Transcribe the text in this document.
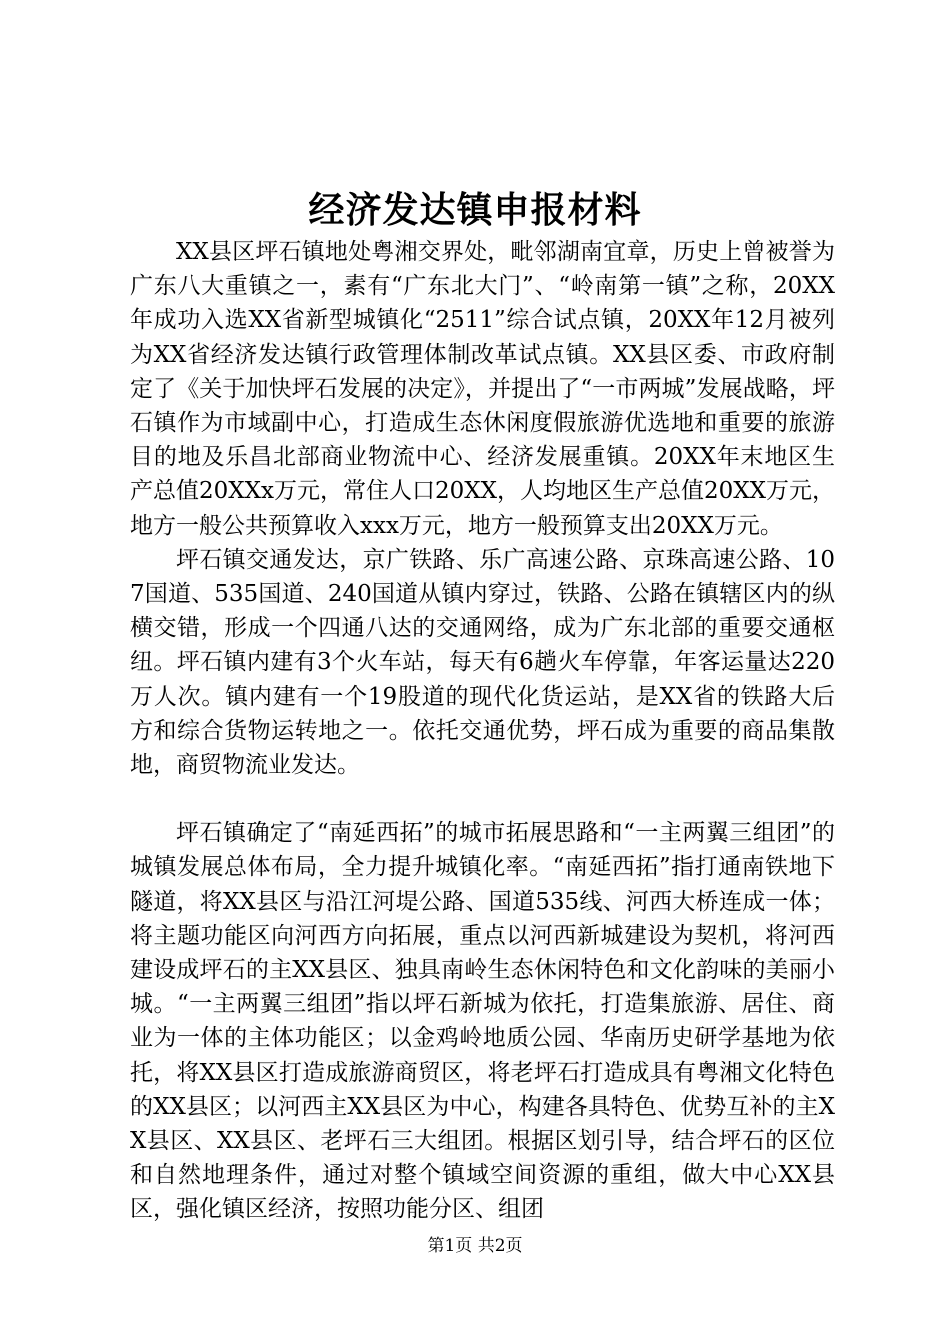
经济发达镇申报材料

XX县区坪石镇地处粤湘交界处，毗邻湖南宜章，历史上曾被誉为广东八大重镇之一，素有“广东北大门”、“岭南第一镇”之称，20XX年成功入选XX省新型城镇化“2511”综合试点镇，20XX年12月被列为XX省经济发达镇行政管理体制改革试点镇。XX县区委、市政府制定了《关于加快坪石发展的决定》，并提出了“一市两城”发展战略，坪石镇作为市域副中心，打造成生态休闲度假旅游优选地和重要的旅游目的地及乐昌北部商业物流中心、经济发展重镇。20XX年末地区生产总值20XXx万元，常住人口20XX，人均地区生产总值20XX万元，地方一般公共预算收入xxx万元，地方一般预算支出20XX万元。

坪石镇交通发达，京广铁路、乐广高速公路、京珠高速公路、107国道、535国道、240国道从镇内穿过，铁路、公路在镇辖区内的纵横交错，形成一个四通八达的交通网络，成为广东北部的重要交通枢纽。坪石镇内建有3个火车站，每天有6趟火车停靠，年客运量达220万人次。镇内建有一个19股道的现代化货运站，是XX省的铁路大后方和综合货物运转地之一。依托交通优势，坪石成为重要的商品集散地，商贸物流业发达。

坪石镇确定了“南延西拓”的城市拓展思路和“一主两翼三组团”的城镇发展总体布局，全力提升城镇化率。“南延西拓”指打通南铁地下隧道，将XX县区与沿江河堤公路、国道535线、河西大桥连成一体；将主题功能区向河西方向拓展，重点以河西新城建设为契机，将河西建设成坪石的主XX县区、独具南岭生态休闲特色和文化韵味的美丽小城。“一主两翼三组团”指以坪石新城为依托，打造集旅游、居住、商业为一体的主体功能区；以金鸡岭地质公园、华南历史研学基地为依托，将XX县区打造成旅游商贸区，将老坪石打造成具有粤湘文化特色的XX县区；以河西主XX县区为中心，构建各具特色、优势互补的主XX县区、XX县区、老坪石三大组团。根据区划引导，结合坪石的区位和自然地理条件，通过对整个镇域空间资源的重组，做大中心XX县区，强化镇区经济，按照功能分区、组团

第1页 共2页
